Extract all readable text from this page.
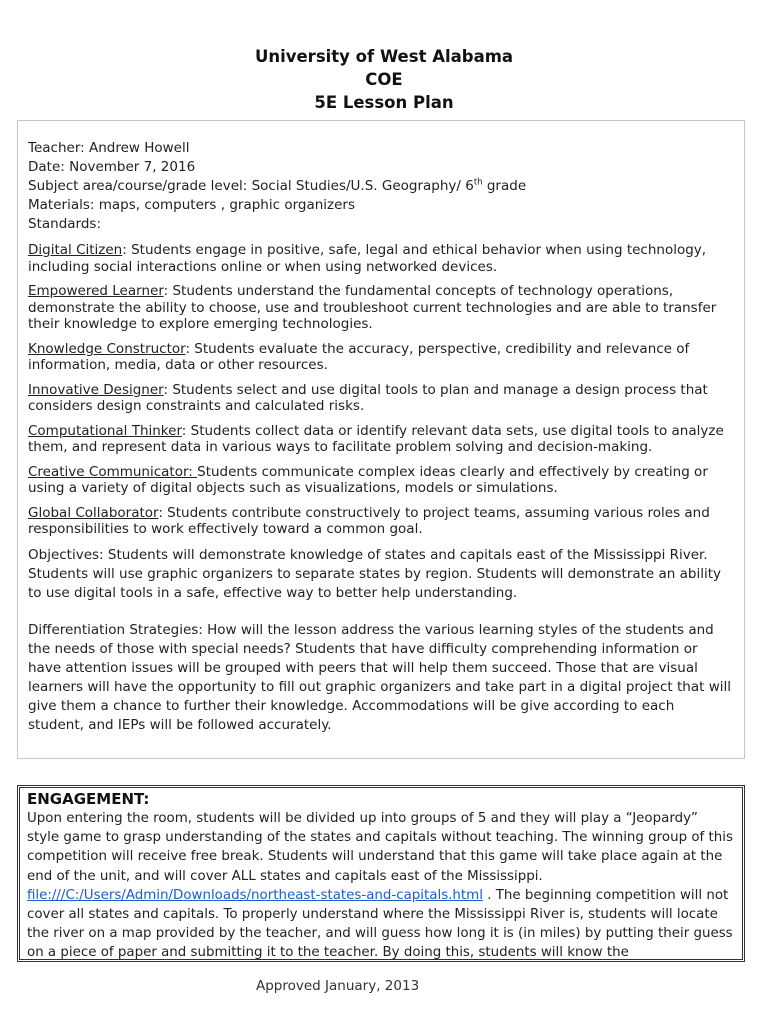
University of West Alabama
COE
5E Lesson Plan
Teacher: Andrew Howell
Date: November 7, 2016
Subject area/course/grade level: Social Studies/U.S. Geography/ 6th grade
Materials: maps, computers , graphic organizers
Standards:
Digital Citizen: Students engage in positive, safe, legal and ethical behavior when using technology, including social interactions online or when using networked devices.
Empowered Learner: Students understand the fundamental concepts of technology operations, demonstrate the ability to choose, use and troubleshoot current technologies and are able to transfer their knowledge to explore emerging technologies.
Knowledge Constructor: Students evaluate the accuracy, perspective, credibility and relevance of information, media, data or other resources.
Innovative Designer: Students select and use digital tools to plan and manage a design process that considers design constraints and calculated risks.
Computational Thinker: Students collect data or identify relevant data sets, use digital tools to analyze them, and represent data in various ways to facilitate problem solving and decision-making.
Creative Communicator: Students communicate complex ideas clearly and effectively by creating or using a variety of digital objects such as visualizations, models or simulations.
Global Collaborator: Students contribute constructively to project teams, assuming various roles and responsibilities to work effectively toward a common goal.
Objectives: Students will demonstrate knowledge of states and capitals east of the Mississippi River. Students will use graphic organizers to separate states by region. Students will demonstrate an ability to use digital tools in a safe, effective way to better help understanding.
Differentiation Strategies: How will the lesson address the various learning styles of the students and the needs of those with special needs? Students that have difficulty comprehending information or have attention issues will be grouped with peers that will help them succeed. Those that are visual learners will have the opportunity to fill out graphic organizers and take part in a digital project that will give them a chance to further their knowledge. Accommodations will be give according to each student, and IEPs will be followed accurately.
ENGAGEMENT:
Upon entering the room, students will be divided up into groups of 5 and they will play a “Jeopardy” style game to grasp understanding of the states and capitals without teaching. The winning group of this competition will receive free break. Students will understand that this game will take place again at the end of the unit, and will cover ALL states and capitals east of the Mississippi. file:///C:/Users/Admin/Downloads/northeast-states-and-capitals.html . The beginning competition will not cover all states and capitals. To properly understand where the Mississippi River is, students will locate the river on a map provided by the teacher, and will guess how long it is (in miles) by putting their guess on a piece of paper and submitting it to the teacher. By doing this, students will know the
Approved January, 2013
